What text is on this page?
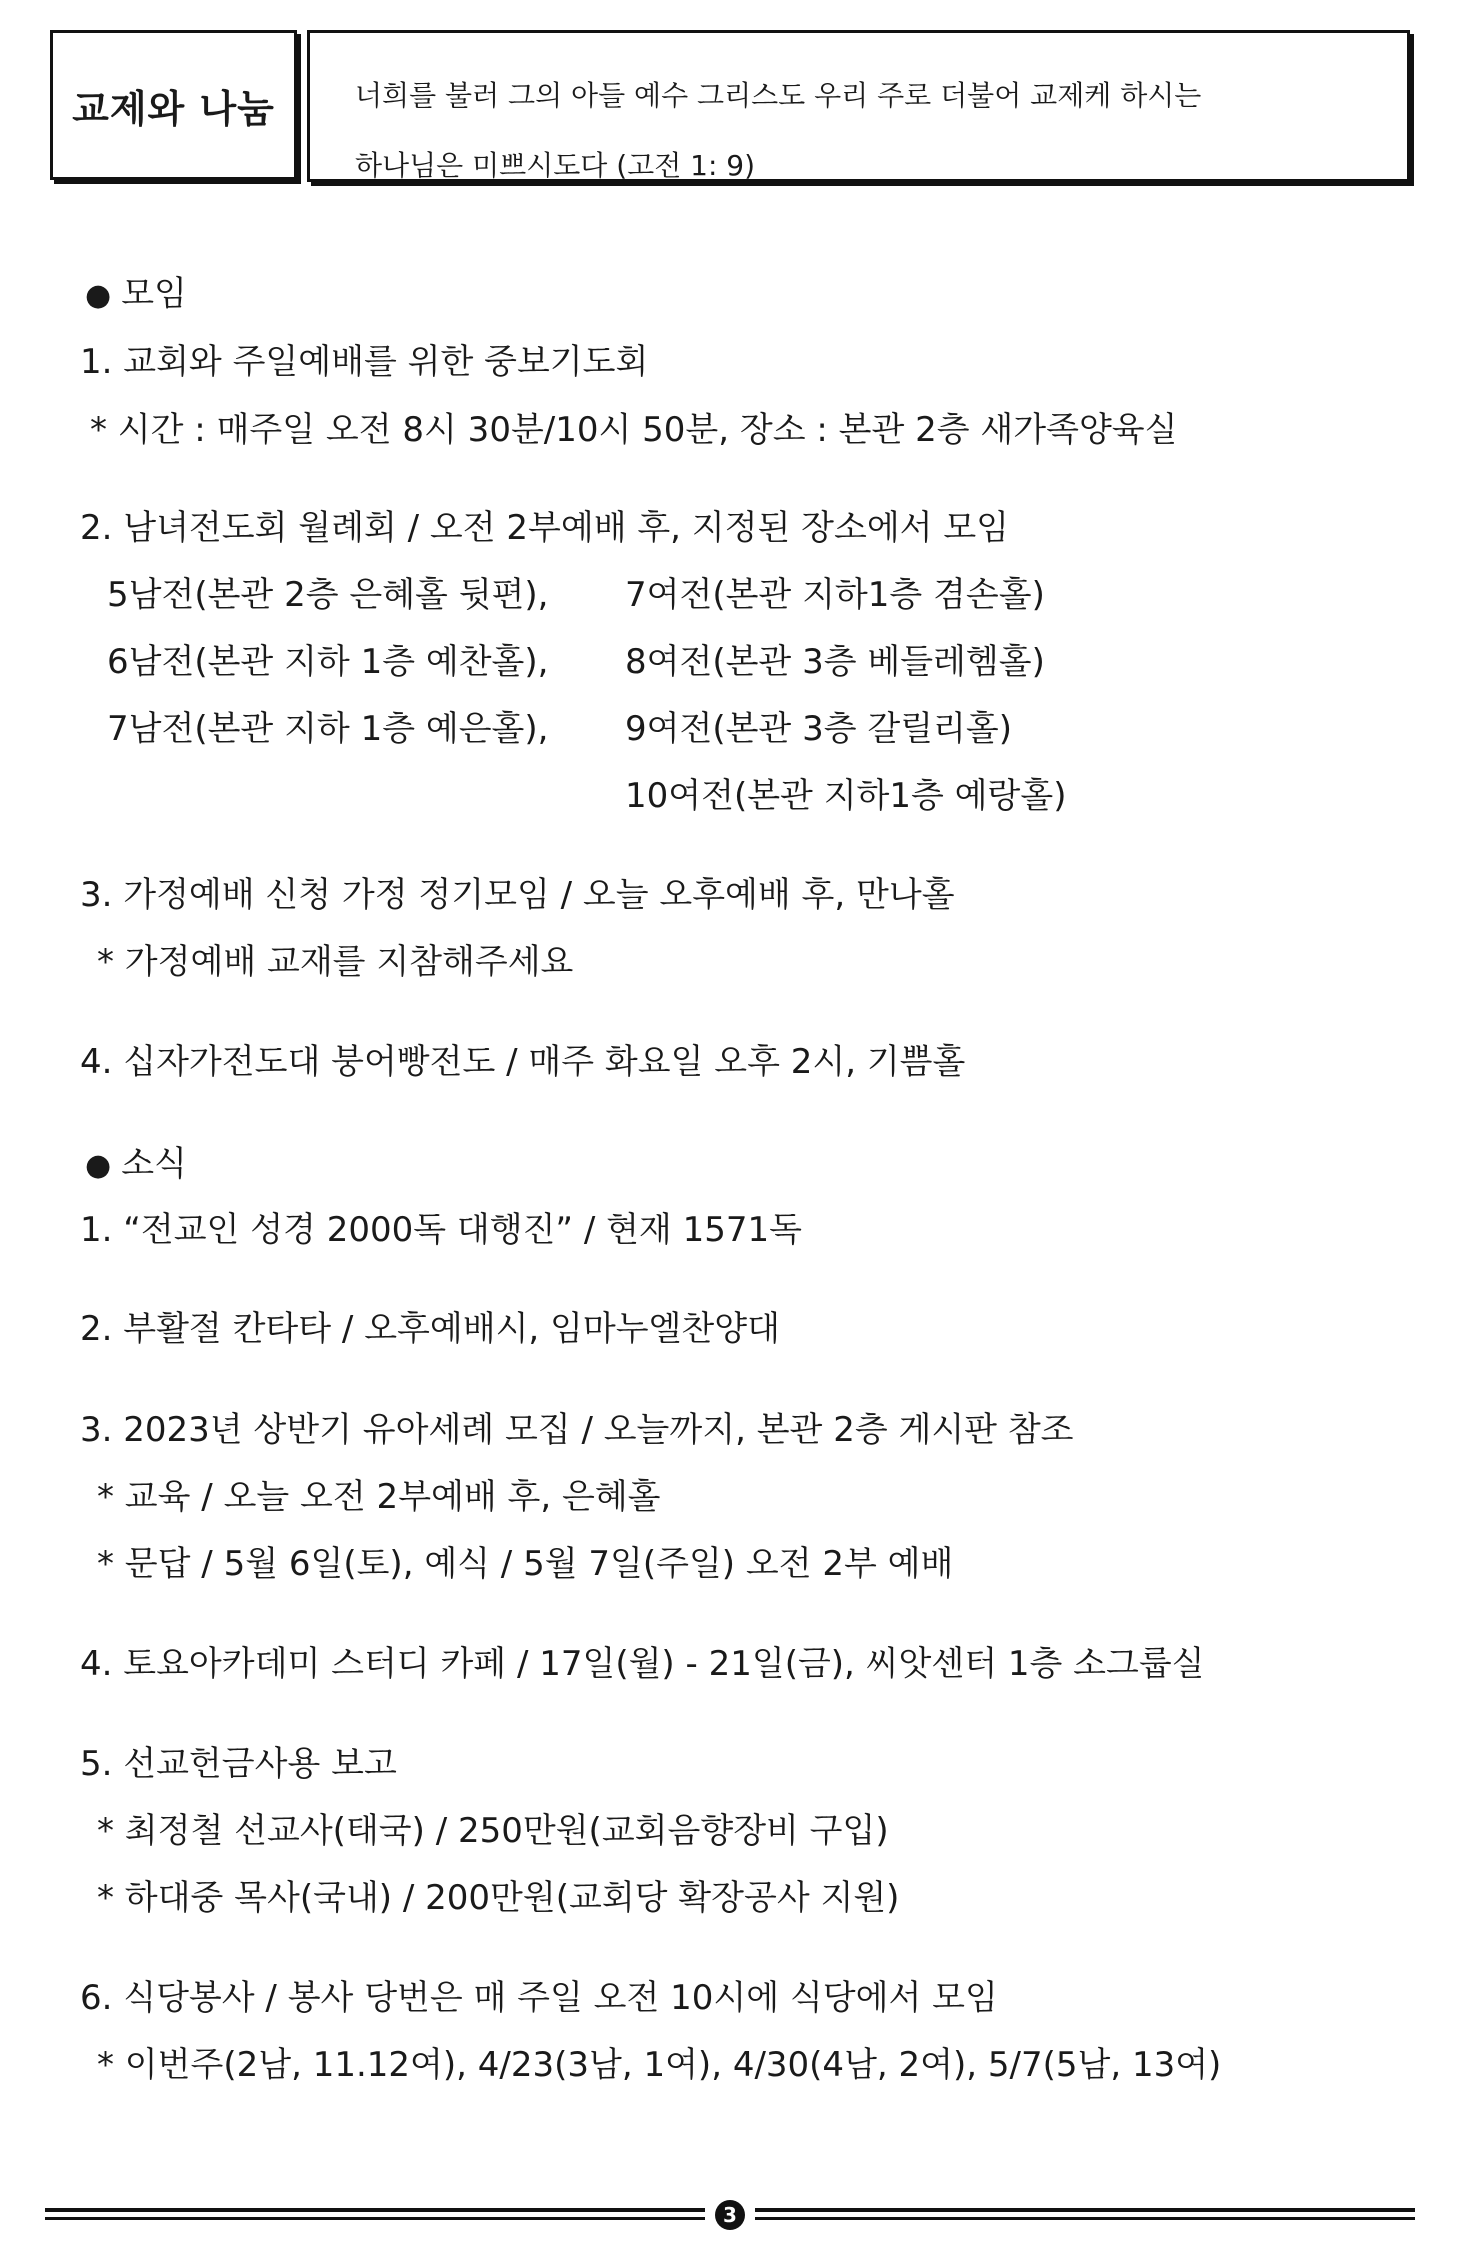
교제와 나눔	너희를 불러 그의 아들 예수 그리스도 우리 주로 더불어 교제케 하시는
하나님은 미쁘시도다 (고전 1: 9)
● 모임
1. 교회와 주일예배를 위한 중보기도회
* 시간 : 매주일 오전 8시 30분/10시 50분, 장소 : 본관 2층 새가족양육실
2. 남녀전도회 월례회 / 오전 2부예배 후, 지정된 장소에서 모임
5남전(본관 2층 은혜홀 뒷편),
6남전(본관 지하 1층 예찬홀),
7남전(본관 지하 1층 예은홀),
7여전(본관 지하1층 겸손홀)
8여전(본관 3층 베들레헴홀)
9여전(본관 3층 갈릴리홀)
10여전(본관 지하1층 예랑홀)
3. 가정예배 신청 가정 정기모임 / 오늘 오후예배 후, 만나홀
* 가정예배 교재를 지참해주세요
4. 십자가전도대 붕어빵전도 / 매주 화요일 오후 2시, 기쁨홀
● 소식
1. “전교인 성경 2000독 대행진” / 현재 1571독
2. 부활절 칸타타 / 오후예배시, 임마누엘찬양대
3. 2023년 상반기 유아세례 모집 / 오늘까지, 본관 2층 게시판 참조
* 교육 / 오늘 오전 2부예배 후, 은혜홀
* 문답 / 5월 6일(토), 예식 / 5월 7일(주일) 오전 2부 예배
4. 토요아카데미 스터디 카페 / 17일(월) - 21일(금), 씨앗센터 1층 소그룹실
5. 선교헌금사용 보고
* 최정철 선교사(태국) / 250만원(교회음향장비 구입)
* 하대중 목사(국내) / 200만원(교회당 확장공사 지원)
6. 식당봉사 / 봉사 당번은 매 주일 오전 10시에 식당에서 모임
* 이번주(2남, 11.12여), 4/23(3남, 1여), 4/30(4남, 2여), 5/7(5남, 13여)
3
